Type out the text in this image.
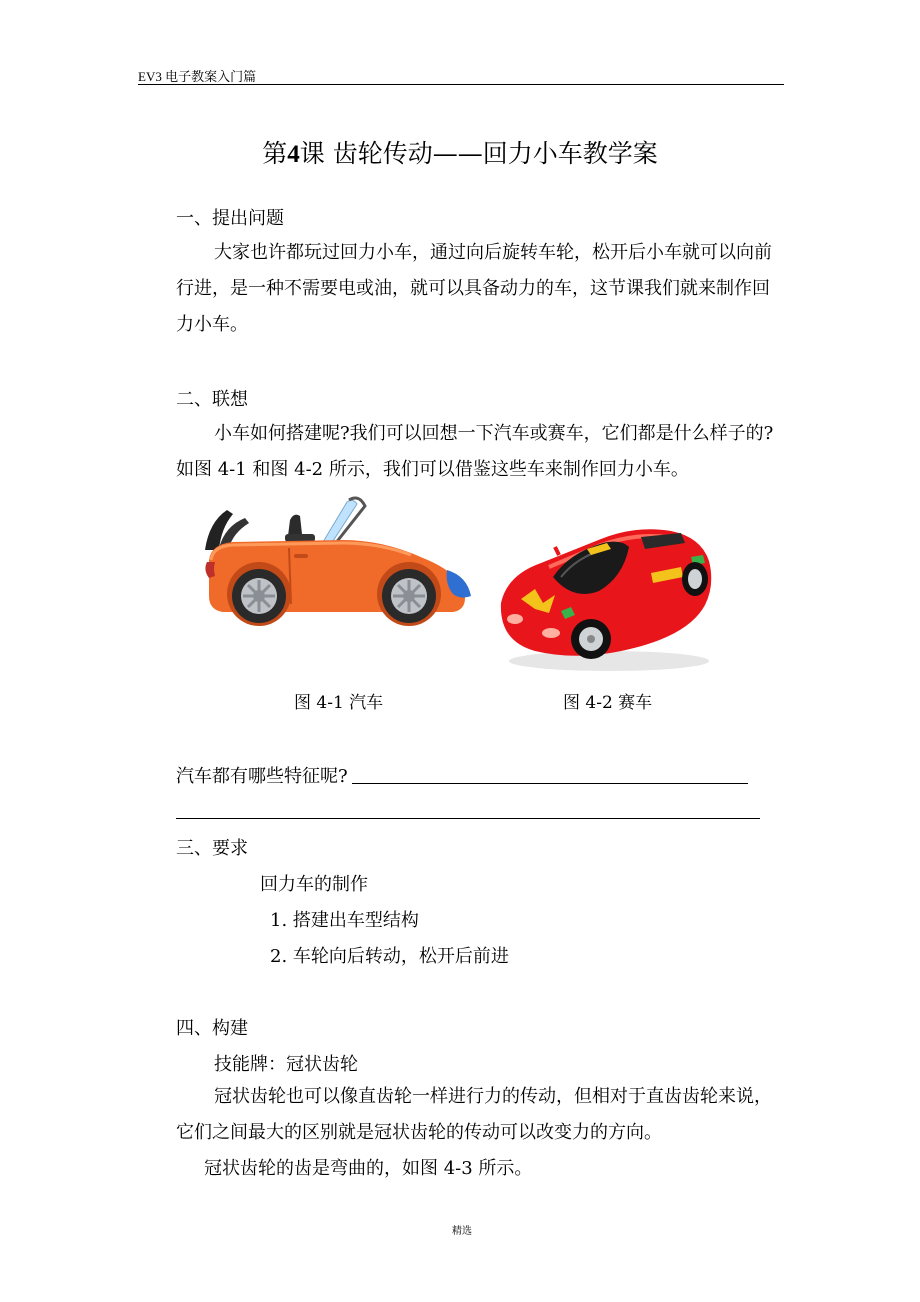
EV3 电子教案入门篇
第4课 齿轮传动——回力小车教学案
一、提出问题
大家也许都玩过回力小车，通过向后旋转车轮，松开后小车就可以向前
行进，是一种不需要电或油，就可以具备动力的车，这节课我们就来制作回
力小车。
二、联想
小车如何搭建呢?我们可以回想一下汽车或赛车，它们都是什么样子的?
如图 4-1 和图 4-2 所示，我们可以借鉴这些车来制作回力小车。
图 4-1 汽车	图 4-2 赛车
汽车都有哪些特征呢?
三、要求
回力车的制作
1. 搭建出车型结构
2. 车轮向后转动，松开后前进
四、构建
技能牌：冠状齿轮
冠状齿轮也可以像直齿轮一样进行力的传动，但相对于直齿齿轮来说，
它们之间最大的区别就是冠状齿轮的传动可以改变力的方向。
冠状齿轮的齿是弯曲的，如图 4-3 所示。
精选
